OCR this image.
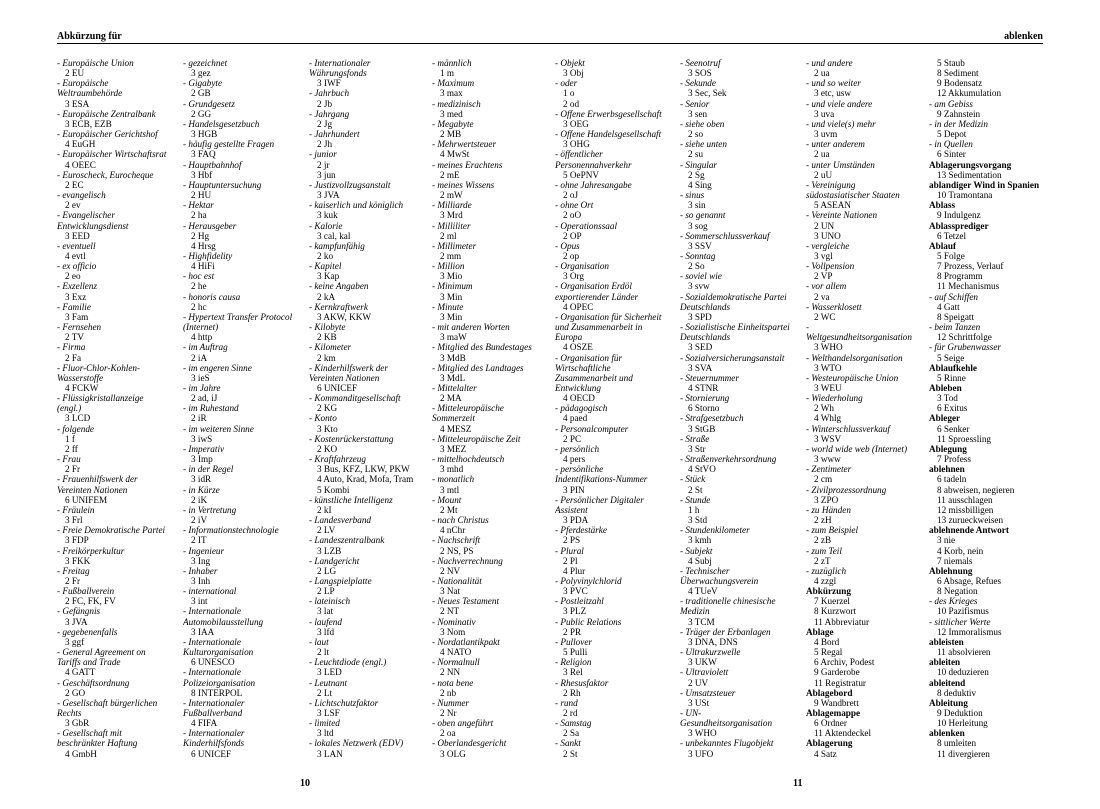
Abkürzung für	ablenken
- Europäische Union
2 EU
- Europäische
Weltraumbehörde
3 ESA
- Europäische Zentralbank
3 ECB, EZB
- Europäischer Gerichtshof
4 EuGH
- Europäischer Wirtschaftsrat
4 OEEC
- Euroscheck, Eurocheque
2 EC
- evangelisch
2 ev
- Evangelischer
Entwicklungsdienst
3 EED
- eventuell
4 evtl
- ex officio
2 eo
- Exzellenz
3 Exz
- Familie
3 Fam
- Fernsehen
2 TV
- Firma
2 Fa
- Fluor-Chlor-Kohlen-
Wasserstoffe
4 FCKW
- Flüssigkristallanzeige
(engl.)
3 LCD
- folgende
1 f
2 ff
- Frau
2 Fr
- Frauenhilfswerk der
Vereinten Nationen
6 UNIFEM
- Fräulein
3 Frl
- Freie Demokratische Partei
3 FDP
- Freikörperkultur
3 FKK
- Freitag
2 Fr
- Fußballverein
2 FC, FK, FV
- Gefängnis
3 JVA
- gegebenenfalls
3 ggf
- General Agreement on
Tariffs and Trade
4 GATT
- Geschäftsordnung
2 GO
- Gesellschaft bürgerlichen
Rechts
3 GbR
- Gesellschaft mit
beschränkter Haftung
4 GmbH
- gezeichnet
3 gez
- Gigabyte
2 GB
- Grundgesetz
2 GG
- Handelsgesetzbuch
3 HGB
- häufig gestellte Fragen
3 FAQ
- Hauptbahnhof
3 Hbf
- Hauptuntersuchung
2 HU
- Hektar
2 ha
- Herausgeber
2 Hg
4 Hrsg
- Highfidelity
4 HiFi
- hoc est
2 he
- honoris causa
2 hc
- Hypertext Transfer Protocol
(Internet)
4 http
- im Auftrag
2 iA
- im engeren Sinne
3 ieS
- im Jahre
2 ad, iJ
- im Ruhestand
2 iR
- im weiteren Sinne
3 iwS
- Imperativ
3 Imp
- in der Regel
3 idR
- in Kürze
2 iK
- in Vertretung
2 iV
- Informationstechnologie
2 IT
- Ingenieur
3 Ing
- Inhaber
3 Inh
- international
3 int
- Internationale
Automobilausstellung
3 IAA
- Internationale
Kulturorganisation
6 UNESCO
- Internationale
Polizeiorganisation
8 INTERPOL
- Internationaler
Fußballverband
4 FIFA
- Internationaler
Kinderhilfsfonds
6 UNICEF
- Internationaler
Währungsfonds
3 IWF
- Jahrbuch
2 Jb
- Jahrgang
2 Jg
- Jahrhundert
2 Jh
- junior
2 jr
3 jun
- Justizvollzugsanstalt
3 JVA
- kaiserlich und königlich
3 kuk
- Kalorie
3 cal, kal
- kampfunfähig
2 ko
- Kapitel
3 Kap
- keine Angaben
2 kA
- Kernkraftwerk
3 AKW, KKW
- Kilobyte
2 KB
- Kilometer
2 km
- Kinderhilfswerk der
Vereinten Nationen
6 UNICEF
- Kommanditgesellschaft
2 KG
- Konto
3 Kto
- Kostenrückerstattung
2 KO
- Kraftfahrzeug
3 Bus, KFZ, LKW, PKW
4 Auto, Krad, Mofa, Tram
5 Kombi
- künstliche Intelligenz
2 kI
- Landesverband
2 LV
- Landeszentralbank
3 LZB
- Landgericht
2 LG
- Langspielplatte
2 LP
- lateinisch
3 lat
- laufend
3 lfd
- laut
2 lt
- Leuchtdiode (engl.)
3 LED
- Leutnant
2 Lt
- Lichtschutzfaktor
3 LSF
- limited
3 ltd
- lokales Netzwerk (EDV)
3 LAN
- männlich
1 m
- Maximum
3 max
- medizinisch
3 med
- Megabyte
2 MB
- Mehrwertsteuer
4 MwSt
- meines Erachtens
2 mE
- meines Wissens
2 mW
- Milliarde
3 Mrd
- Milliliter
2 ml
- Millimeter
2 mm
- Million
3 Mio
- Minimum
3 Min
- Minute
3 Min
- mit anderen Worten
3 maW
- Mitglied des Bundestages
3 MdB
- Mitglied des Landtages
3 MdL
- Mittelalter
2 MA
- Mitteleuropäische
Sommerzeit
4 MESZ
- Mitteleuropäische Zeit
3 MEZ
- mittelhochdeutsch
3 mhd
- monatlich
3 mtl
- Mount
2 Mt
- nach Christus
4 nChr
- Nachschrift
2 NS, PS
- Nachverrechnung
2 NV
- Nationalität
3 Nat
- Neues Testament
2 NT
- Nominativ
3 Nom
- Nordatlantikpakt
4 NATO
- Normalnull
2 NN
- nota bene
2 nb
- Nummer
2 Nr
- oben angeführt
2 oa
- Oberlandesgericht
3 OLG
- Objekt
3 Obj
- oder
1 o
2 od
- Offene Erwerbsgesellschaft
3 OEG
- Offene Handelsgesellschaft
3 OHG
- öffentlicher
Personennahverkehr
5 OePNV
- ohne Jahresangabe
2 oJ
- ohne Ort
2 oO
- Operationssaal
2 OP
- Opus
2 op
- Organisation
3 Org
- Organisation Erdöl
exportierender Länder
4 OPEC
- Organisation für Sicherheit
und Zusammenarbeit in
Europa
4 OSZE
- Organisation für
Wirtschaftliche
Zusammenarbeit und
Entwicklung
4 OECD
- pädagogisch
4 paed
- Personalcomputer
2 PC
- persönlich
4 pers
- persönliche
Indentifikations-Nummer
3 PIN
- Persönlicher Digitaler
Assistent
3 PDA
- Pferdestärke
2 PS
- Plural
2 Pl
4 Plur
- Polyvinylchlorid
3 PVC
- Postleitzahl
3 PLZ
- Public Relations
2 PR
- Pullover
5 Pulli
- Religion
3 Rel
- Rhesusfaktor
2 Rh
- rund
2 rd
- Samstag
2 Sa
- Sankt
2 St
- Seenotruf
3 SOS
- Sekunde
3 Sec, Sek
- Senior
3 sen
- siehe oben
2 so
- siehe unten
2 su
- Singular
2 Sg
4 Sing
- sinus
3 sin
- so genannt
3 sog
- Sommerschlussverkauf
3 SSV
- Sonntag
2 So
- soviel wie
3 svw
- Sozialdemokratische Partei
Deutschlands
3 SPD
- Sozialistische Einheitspartei
Deutschlands
3 SED
- Sozialversicherungsanstalt
3 SVA
- Steuernummer
4 STNR
- Stornierung
6 Storno
- Strafgesetzbuch
3 StGB
- Straße
3 Str
- Straßenverkehrsordnung
4 StVO
- Stück
2 St
- Stunde
1 h
3 Std
- Stundenkilometer
3 kmh
- Subjekt
4 Subj
- Technischer
Überwachungsverein
4 TUeV
- traditionelle chinesische
Medizin
3 TCM
- Träger der Erbanlagen
3 DNA, DNS
- Ultrakurzwelle
3 UKW
- Ultraviolett
2 UV
- Umsatzsteuer
3 USt
- UN-
Gesundheitsorganisation
3 WHO
- unbekanntes Flugobjekt
3 UFO
- und andere
2 ua
- und so weiter
3 etc, usw
- und viele andere
3 uva
- und viele(s) mehr
3 uvm
- unter anderem
2 ua
- unter Umständen
2 uU
- Vereinigung
südostasiatischer Staaten
5 ASEAN
- Vereinte Nationen
2 UN
3 UNO
- vergleiche
3 vgl
- Vollpension
2 VP
- vor allem
2 va
- Wasserklosett
2 WC
-
Weltgesundheitsorganisation
3 WHO
- Welthandelsorganisation
3 WTO
- Westeuropäische Union
3 WEU
- Wiederholung
2 Wh
4 Whlg
- Winterschlussverkauf
3 WSV
- world wide web (Internet)
3 www
- Zentimeter
2 cm
- Zivilprozessordnung
3 ZPO
- zu Händen
2 zH
- zum Beispiel
2 zB
- zum Teil
2 zT
- zuzüglich
4 zzgl
Abkürzung
7 Kuerzel
8 Kurzwort
11 Abbreviatur
Ablage
4 Bord
5 Regal
6 Archiv, Podest
9 Garderobe
11 Registratur
Ablagebord
9 Wandbrett
Ablagemappe
6 Ordner
11 Aktendeckel
Ablagerung
4 Satz
5 Staub
8 Sediment
9 Bodensatz
12 Akkumulation
- am Gebiss
9 Zahnstein
- in der Medizin
5 Depot
- in Quellen
6 Sinter
Ablagerungsvorgang
13 Sedimentation
ablandiger Wind in Spanien
10 Tramontana
Ablass
9 Indulgenz
Ablassprediger
6 Tetzel
Ablauf
5 Folge
7 Prozess, Verlauf
8 Programm
11 Mechanismus
- auf Schiffen
4 Gatt
8 Speigatt
- beim Tanzen
12 Schrittfolge
- für Grubenwasser
5 Seige
Ablaufkehle
5 Rinne
Ableben
3 Tod
6 Exitus
Ableger
6 Senker
11 Sproessling
Ablegung
7 Profess
ablehnen
6 tadeln
8 abweisen, negieren
11 ausschlagen
12 missbilligen
13 zurueckweisen
ablehnende Antwort
3 nie
4 Korb, nein
7 niemals
Ablehnung
6 Absage, Refues
8 Negation
- des Krieges
10 Pazifismus
- sittlicher Werte
12 Immoralismus
ableisten
11 absolvieren
ableiten
10 deduzieren
ableitend
8 deduktiv
Ableitung
9 Deduktion
10 Herleitung
ablenken
8 umleiten
11 divergieren
10	11
